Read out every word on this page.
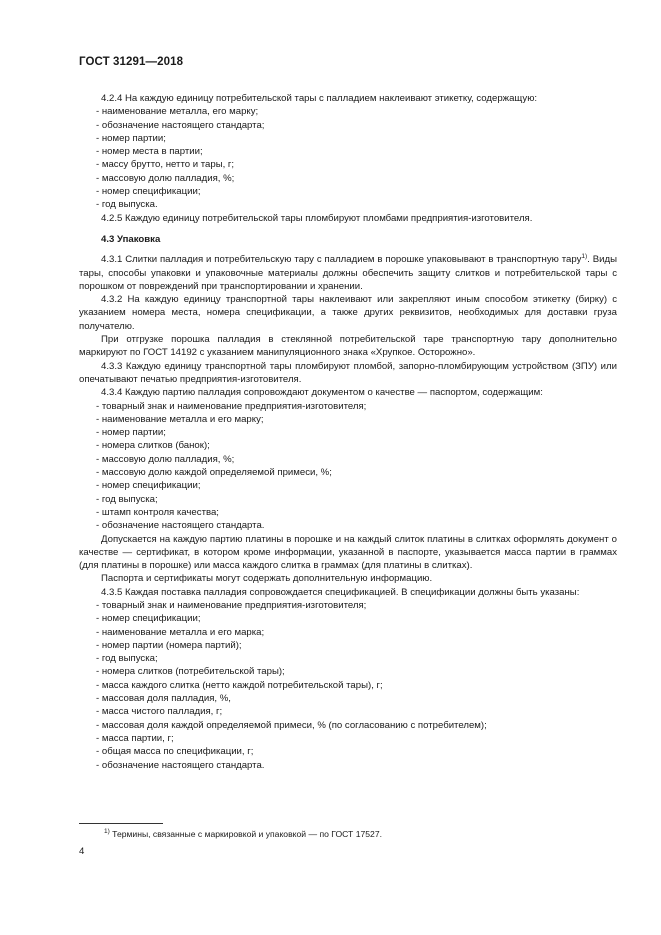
ГОСТ 31291—2018

4.2.4 На каждую единицу потребительской тары с палладием наклеивают этикетку, содержащую:

- наименование металла, его марку;

- обозначение настоящего стандарта;

- номер партии;

- номер места в партии;

- массу брутто, нетто и тары, г;

- массовую долю палладия, %;

- номер спецификации;

- год выпуска.

4.2.5 Каждую единицу потребительской тары пломбируют пломбами предприятия-изготовителя.

4.3 Упаковка

4.3.1 Слитки палладия и потребительскую тару с палладием в порошке упаковывают в транспортную тару$^{1)}$. Виды тары, способы упаковки и упаковочные материалы должны обеспечить защиту слитков и потребительской тары с порошком от повреждений при транспортировании и хранении.

4.3.2 На каждую единицу транспортной тары наклеивают или закрепляют иным способом этикетку (бирку) с указанием номера места, номера спецификации, а также других реквизитов, необходимых для доставки груза получателю.

При отгрузке порошка палладия в стеклянной потребительской таре транспортную тару дополнительно маркируют по ГОСТ 14192 с указанием манипуляционного знака «Хрупкое. Осторожно».

4.3.3 Каждую единицу транспортной тары пломбируют пломбой, запорно-пломбирующим устройством (ЗПУ) или опечатывают печатью предприятия-изготовителя.

4.3.4 Каждую партию палладия сопровождают документом о качестве — паспортом, содержащим:

- товарный знак и наименование предприятия-изготовителя;

- наименование металла и его марку;

- номер партии;

- номера слитков (банок);

- массовую долю палладия, %;

- массовую долю каждой определяемой примеси, %;

- номер спецификации;

- год выпуска;

- штамп контроля качества;

- обозначение настоящего стандарта.

Допускается на каждую партию платины в порошке и на каждый слиток платины в слитках оформлять документ о качестве — сертификат, в котором кроме информации, указанной в паспорте, указывается масса партии в граммах (для платины в порошке) или масса каждого слитка в граммах (для платины в слитках).

Паспорта и сертификаты могут содержать дополнительную информацию.

4.3.5 Каждая поставка палладия сопровождается спецификацией. В спецификации должны быть указаны:

- товарный знак и наименование предприятия-изготовителя;

- номер спецификации;

- наименование металла и его марка;

- номер партии (номера партий);

- год выпуска;

- номера слитков (потребительской тары);

- масса каждого слитка (нетто каждой потребительской тары), г;

- массовая доля палладия, %,

- масса чистого палладия, г;

- массовая доля каждой определяемой примеси, % (по согласованию с потребителем);

- масса партии, г;

- общая масса по спецификации, г;

- обозначение настоящего стандарта.

$^{1)}$ Термины, связанные с маркировкой и упаковкой — по ГОСТ 17527.
4
